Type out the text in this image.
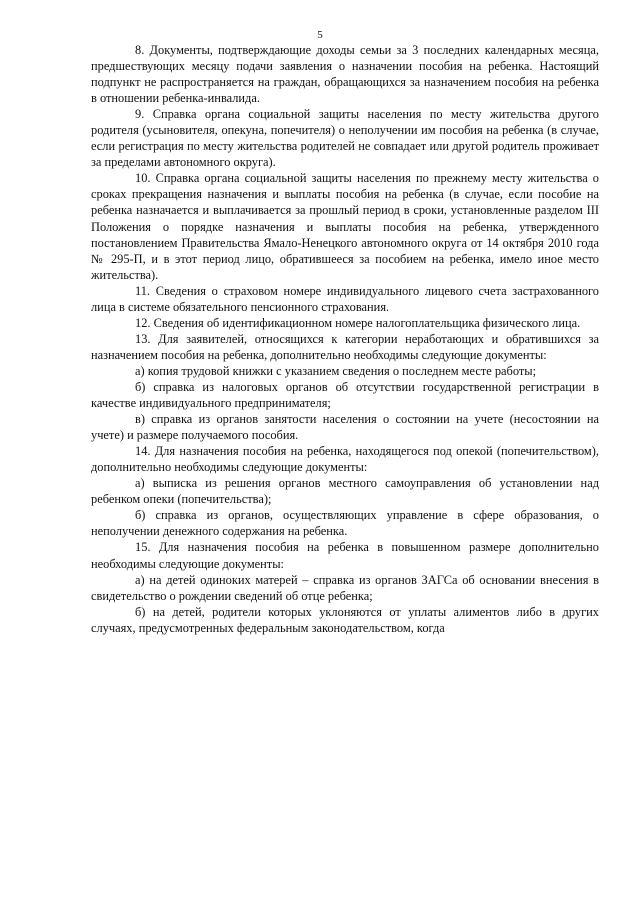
5

8. Документы, подтверждающие доходы семьи за 3 последних календарных месяца, предшествующих месяцу подачи заявления о назначении пособия на ребенка. Настоящий подпункт не распространяется на граждан, обращающихся за назначением пособия на ребенка в отношении ребенка-инвалида.

9. Справка органа социальной защиты населения по месту жительства другого родителя (усыновителя, опекуна, попечителя) о неполучении им пособия на ребенка (в случае, если регистрация по месту жительства родителей не совпадает или другой родитель проживает за пределами автономного округа).

10. Справка органа социальной защиты населения по прежнему месту жительства о сроках прекращения назначения и выплаты пособия на ребенка (в случае, если пособие на ребенка назначается и выплачивается за прошлый период в сроки, установленные разделом III Положения о порядке назначения и выплаты пособия на ребенка, утвержденного постановлением Правительства Ямало-Ненецкого автономного округа от 14 октября 2010 года № 295-П, и в этот период лицо, обратившееся за пособием на ребенка, имело иное место жительства).

11. Сведения о страховом номере индивидуального лицевого счета застрахованного лица в системе обязательного пенсионного страхования.

12. Сведения об идентификационном номере налогоплательщика физического лица.

13. Для заявителей, относящихся к категории неработающих и обратившихся за назначением пособия на ребенка, дополнительно необходимы следующие документы:

а) копия трудовой книжки с указанием сведения о последнем месте работы;

б) справка из налоговых органов об отсутствии государственной регистрации в качестве индивидуального предпринимателя;

в) справка из органов занятости населения о состоянии на учете (несостоянии на учете) и размере получаемого пособия.

14. Для назначения пособия на ребенка, находящегося под опекой (попечительством), дополнительно необходимы следующие документы:

а) выписка из решения органов местного самоуправления об установлении над ребенком опеки (попечительства);

б) справка из органов, осуществляющих управление в сфере образования, о неполучении денежного содержания на ребенка.

15. Для назначения пособия на ребенка в повышенном размере дополнительно необходимы следующие документы:

а) на детей одиноких матерей – справка из органов ЗАГСа об основании внесения в свидетельство о рождении сведений об отце ребенка;

б) на детей, родители которых уклоняются от уплаты алиментов либо в других случаях, предусмотренных федеральным законодательством, когда
